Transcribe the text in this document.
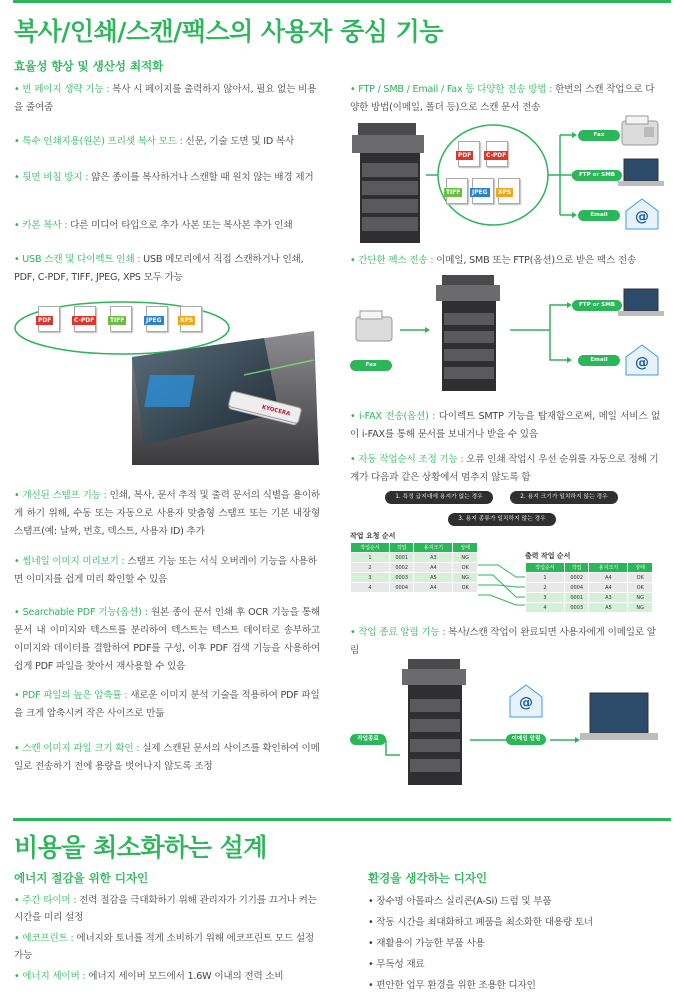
복사/인쇄/스캔/팩스의 사용자 중심 기능
효율성 향상 및 생산성 최적화
• 빈 페이지 생략 기능 : 복사 시 페이지를 출력하지 않아서, 필요 없는 비용을 줄여줌
• 특수 인쇄지용(원본) 프리셋 복사 모드 : 신문, 기술 도면 및 ID 복사
• 뒷면 비침 방지 : 얇은 종이를 복사하거나 스캔할 때 원치 않는 배경 제거
• 카본 복사 : 다른 미디어 타입으로 추가 사본 또는 복사본 추가 인쇄
• USB 스캔 및 다이렉트 인쇄 : USB 메모리에서 직접 스캔하거나 인쇄, PDF, C-PDF, TIFF, JPEG, XPS 모두 가능
KYOCERA
PDF	C-PDF	TIFF	JPEG	XPS
• 개선된 스탬프 기능 : 인쇄, 복사, 문서 추적 및 출력 문서의 식별을 용이하게 하기 위해, 수동 또는 자동으로 사용자 맞춤형 스탬프 또는 기본 내장형 스탬프(예: 날짜, 번호, 텍스트, 사용자 ID) 추가
• 썸네일 이미지 미리보기 : 스탬프 기능 또는 서식 오버레이 기능을 사용하면 이미지를 쉽게 미리 확인할 수 있음
• Searchable PDF 기능(옵션) : 원본 종이 문서 인쇄 후 OCR 기능을 통해 문서 내 이미지와 텍스트를 분리하여 텍스트는 텍스트 데이터로 송부하고 이미지와 데이터를 결합하여 PDF를 구성, 이후 PDF 검색 기능을 사용하여 쉽게 PDF 파일을 찾아서 재사용할 수 있음
• PDF 파일의 높은 압축률 : 새로운 이미지 분석 기술을 적용하여 PDF 파일을 크게 압축시켜 작은 사이즈로 만듦
• 스캔 이미지 파일 크기 확인 : 실제 스캔된 문서의 사이즈를 확인하여 이메일로 전송하기 전에 용량을 벗어나지 않도록 조정
• FTP / SMB / Email / Fax 등 다양한 전송 방법 : 한번의 스캔 작업으로 다양한 방법(이메일, 폴더 등)으로 스캔 문서 전송
@
Fax
FTP or SMB
Email
PDF	C-PDF
TIFF	JPEG	XPS
• 간단한 팩스 전송 : 이메일, SMB 또는 FTP(옵션)으로 받은 팩스 전송
@
Fax
FTP or SMB
Email
• i-FAX 전송(옵션) : 다이렉트 SMTP 기능을 탑재함으로써, 메일 서비스 없이 i-FAX를 통해 문서를 보내거나 받을 수 있음
• 자동 작업순서 조정 기능 : 오류 인쇄 작업시 우선 순위를 자동으로 정해 기계가 다음과 같은 상황에서 멈추지 않도록 함
1. 특정 급지대에 용지가 없는 경우	2. 용지 크기가 일치하지 않는 경우
3. 용지 종류가 일치하지 않는 경우
작업 요청 순서
작업순서	작업	용지크기	상태
1	0001	A3	NG
2	0002	A4	OK
3	0003	A5	NG
4	0004	A4	OK
출력 작업 순서
작업순서	작업	용지크기	상태
1	0002	A4	OK
2	0004	A4	OK
3	0001	A3	NG
4	0003	A5	NG
• 작업 종료 알림 기능 : 복사/스캔 작업이 완료되면 사용자에게 이메일로 알림
@
작업종료	이메일 알림
비용을 최소화하는 설계
에너지 절감을 위한 디자인
• 주간 타이머 : 전력 절감을 극대화하기 위해 관리자가 기기를 끄거나 켜는 시간을 미리 설정
• 에코프린트 : 에너지와 토너를 적게 소비하기 위해 에코프린트 모드 설정 가능
• 에너지 세이버 : 에너지 세이버 모드에서 1.6W 이내의 전력 소비
환경을 생각하는 디자인
• 장수명 아몰파스 실리콘(A-Si) 드럼 및 부품
• 작동 시간을 최대화하고 폐품을 최소화한 대용량 토너
• 재활용이 가능한 부품 사용
• 무독성 재료
• 편안한 업무 환경을 위한 조용한 디자인
